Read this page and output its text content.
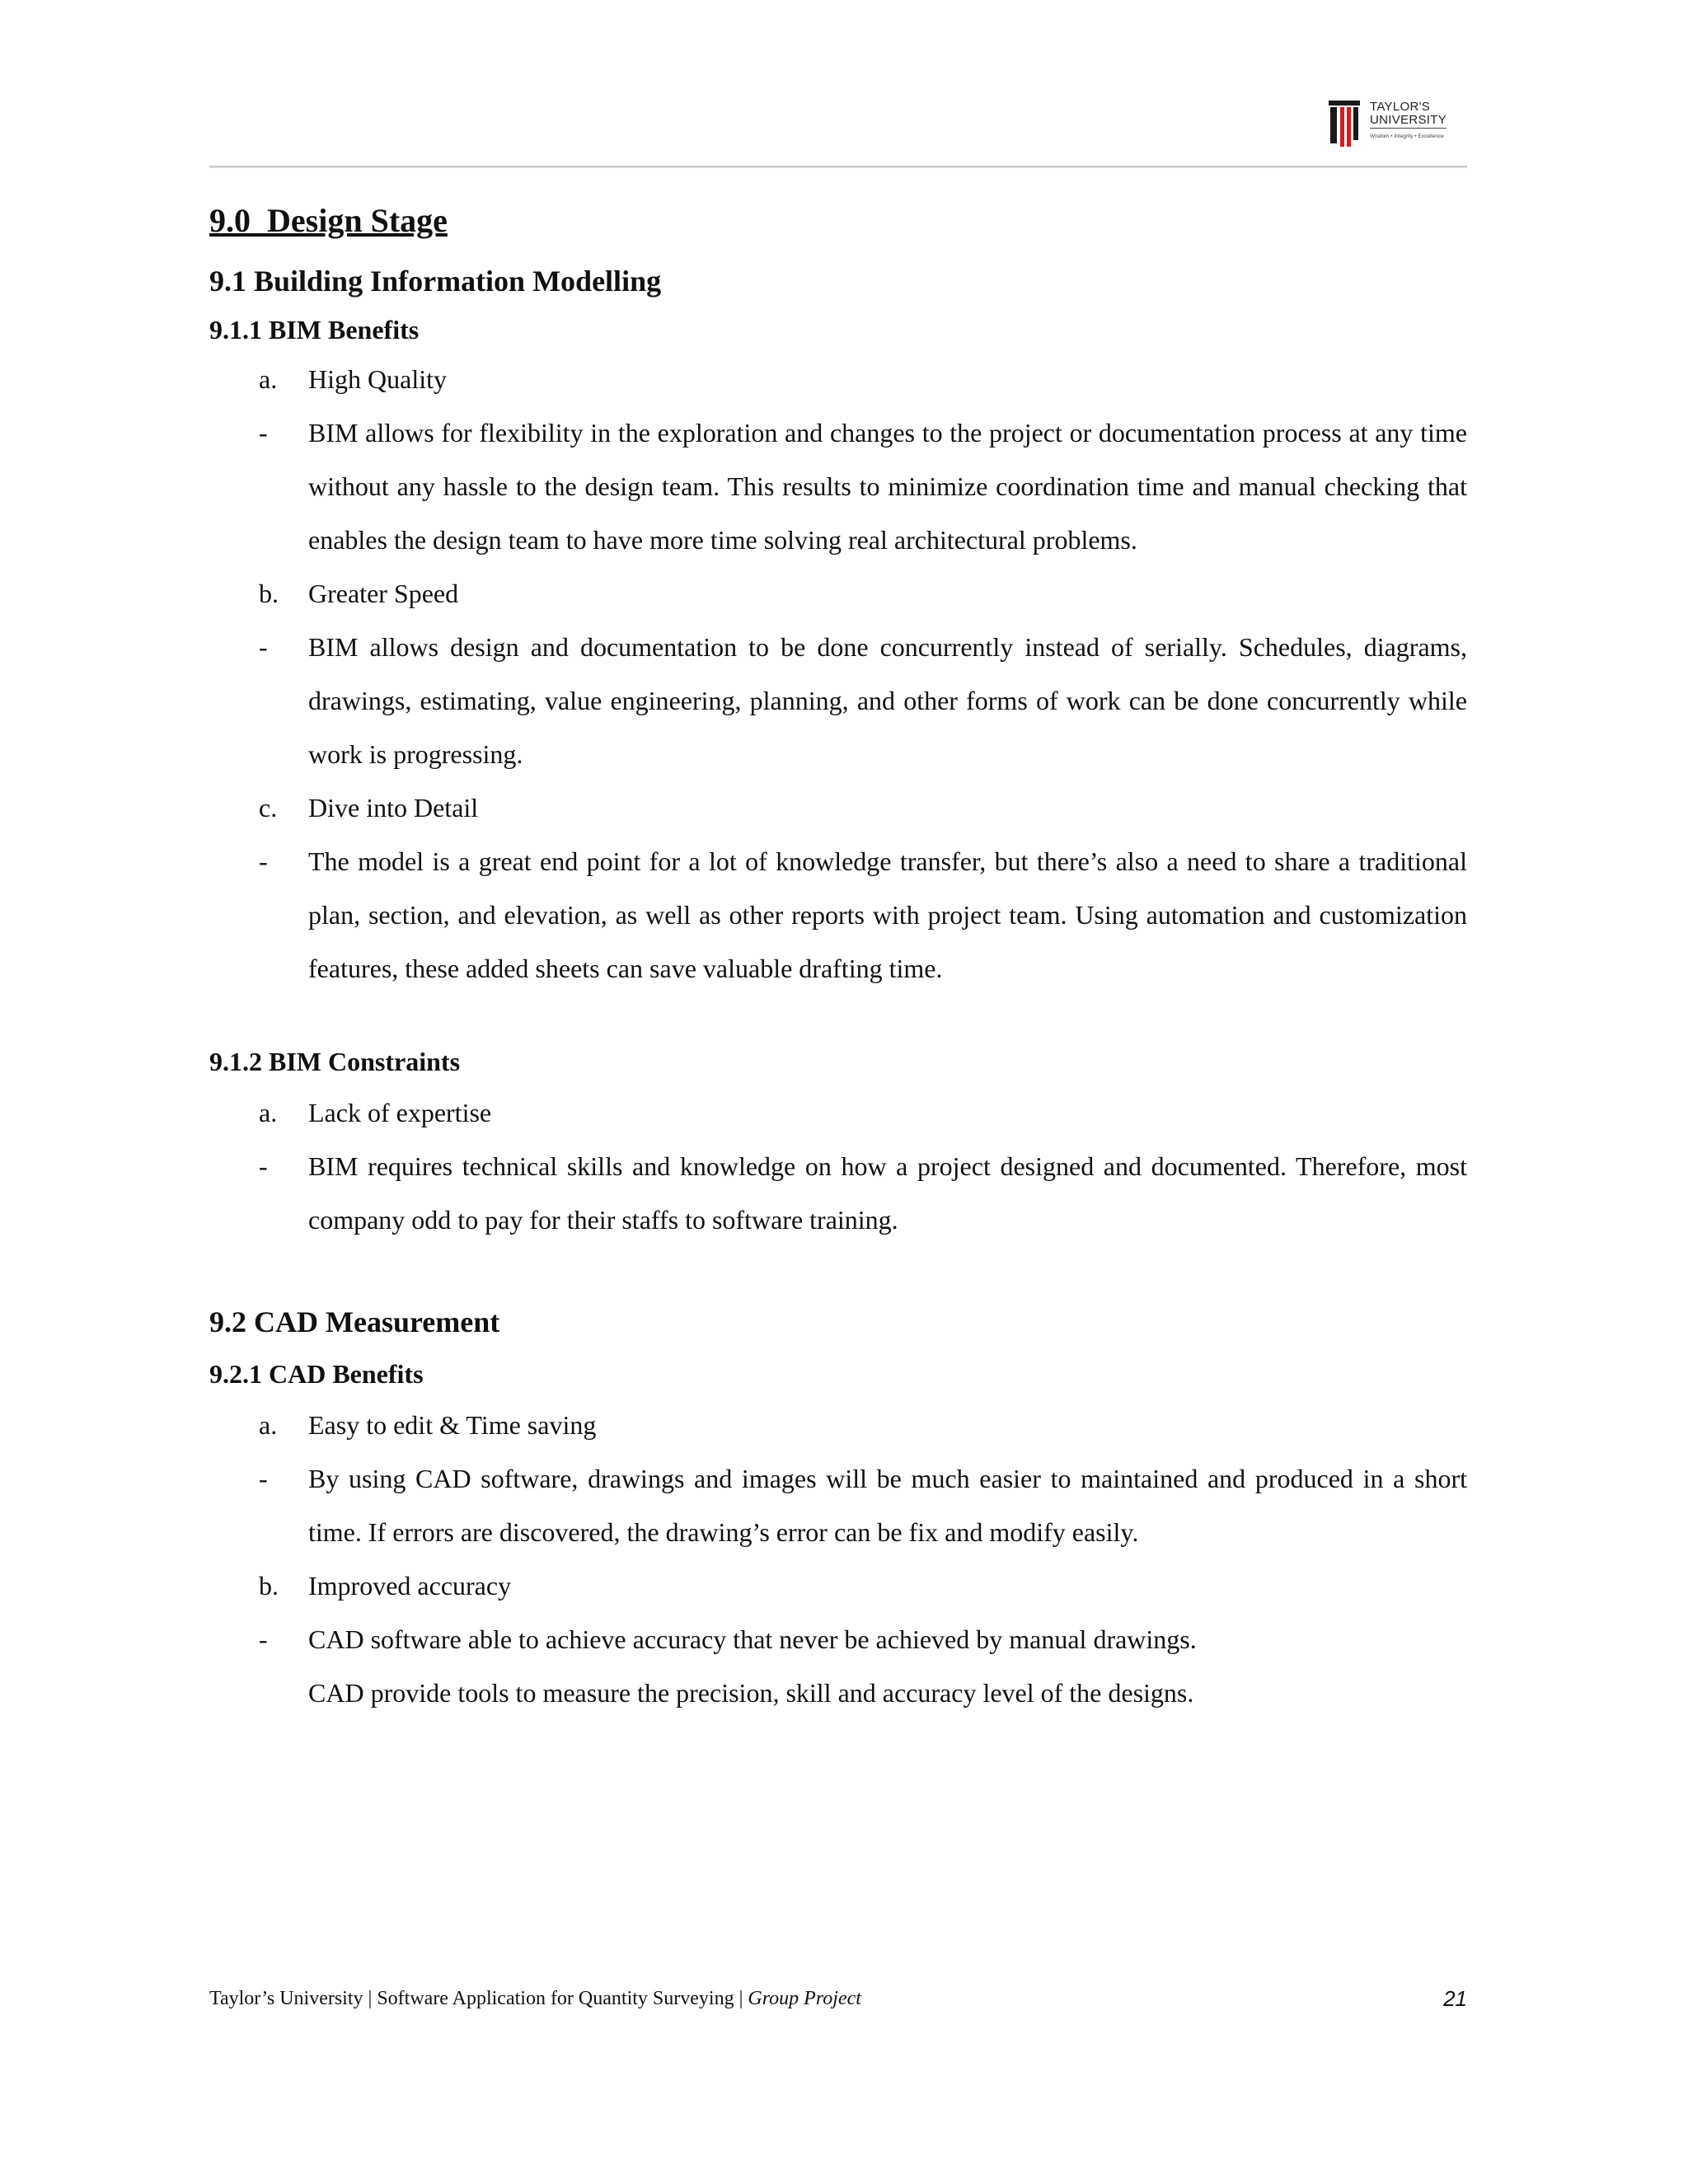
TAYLOR'S
UNIVERSITY
Wisdom • Integrity • Excellence
9.0  Design Stage
9.1 Building Information Modelling
9.1.1 BIM Benefits
a. High Quality
- BIM allows for flexibility in the exploration and changes to the project or documentation process at any time without any hassle to the design team. This results to minimize coordination time and manual checking that enables the design team to have more time solving real architectural problems.
b. Greater Speed
- BIM allows design and documentation to be done concurrently instead of serially. Schedules, diagrams, drawings, estimating, value engineering, planning, and other forms of work can be done concurrently while work is progressing.
c. Dive into Detail
- The model is a great end point for a lot of knowledge transfer, but there’s also a need to share a traditional plan, section, and elevation, as well as other reports with project team. Using automation and customization features, these added sheets can save valuable drafting time.
9.1.2 BIM Constraints
a. Lack of expertise
- BIM requires technical skills and knowledge on how a project designed and documented. Therefore, most company odd to pay for their staffs to software training.
9.2 CAD Measurement
9.2.1 CAD Benefits
a. Easy to edit & Time saving
- By using CAD software, drawings and images will be much easier to maintained and produced in a short time. If errors are discovered, the drawing’s error can be fix and modify easily.
b. Improved accuracy
- CAD software able to achieve accuracy that never be achieved by manual drawings.
CAD provide tools to measure the precision, skill and accuracy level of the designs.
Taylor’s University | Software Application for Quantity Surveying | Group Project	21
